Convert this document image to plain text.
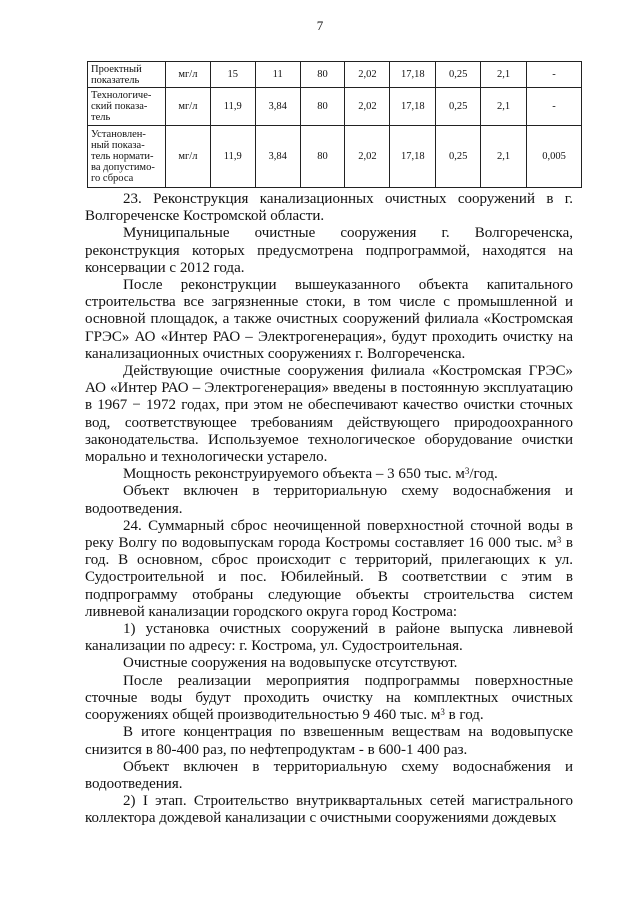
7
Проектный показатель	мг/л	15	11	80	2,02	17,18	0,25	2,1	-
Технологиче-ский показа-тель	мг/л	11,9	3,84	80	2,02	17,18	0,25	2,1	-
Установлен-ный показа-тель нормати-ва допустимо-го сброса	мг/л	11,9	3,84	80	2,02	17,18	0,25	2,1	0,005

23. Реконструкция канализационных очистных сооружений в г. Волгореченске Костромской области.

Муниципальные очистные сооружения г. Волгореченска, реконструкция которых предусмотрена подпрограммой, находятся на консервации с 2012 года.

После реконструкции вышеуказанного объекта капитального строительства все загрязненные стоки, в том числе с промышленной и основной площадок, а также очистных сооружений филиала «Костромская ГРЭС» АО «Интер РАО – Электрогенерация», будут проходить очистку на канализационных очистных сооружениях г. Волгореченска.

Действующие очистные сооружения филиала «Костромская ГРЭС» АО «Интер РАО – Электрогенерация» введены в постоянную эксплуатацию в 1967 − 1972 годах, при этом не обеспечивают качество очистки сточных вод, соответствующее требованиям действующего природоохранного законодательства. Используемое технологическое оборудование очистки морально и технологически устарело.

Мощность реконструируемого объекта – 3 650 тыс. $м^3$/год.

Объект включен в территориальную схему водоснабжения и водоотведения.

24. Суммарный сброс неочищенной поверхностной сточной воды в реку Волгу по водовыпускам города Костромы составляет 16 000 тыс. $м^3$ в год. В основном, сброс происходит с территорий, прилегающих к ул. Судостроительной и пос. Юбилейный. В соответствии с этим в подпрограмму отобраны следующие объекты строительства систем ливневой канализации городского округа город Кострома:

1) установка очистных сооружений в районе выпуска ливневой канализации по адресу: г. Кострома, ул. Судостроительная.

Очистные сооружения на водовыпуске отсутствуют.

После реализации мероприятия подпрограммы поверхностные сточные воды будут проходить очистку на комплектных очистных сооружениях общей производительностью 9 460 тыс. $м^3$ в год.

В итоге концентрация по взвешенным веществам на водовыпуске снизится в 80-400 раз, по нефтепродуктам - в 600-1 400 раз.

Объект включен в территориальную схему водоснабжения и водоотведения.

2) I этап. Строительство внутриквартальных сетей магистрального коллектора дождевой канализации с очистными сооружениями дождевых
